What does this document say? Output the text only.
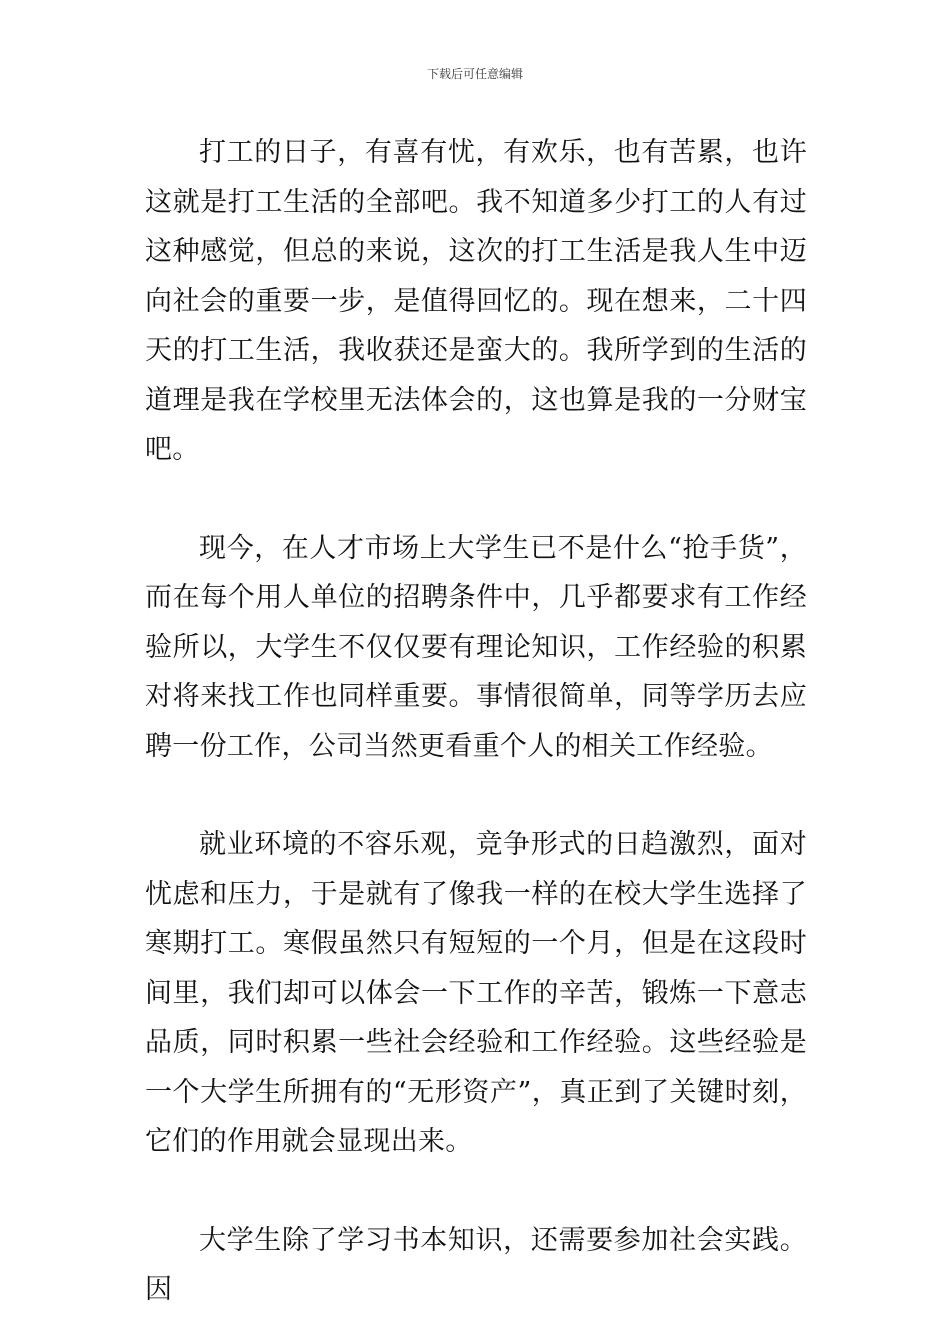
下载后可任意编辑

打工的日子，有喜有忧，有欢乐，也有苦累，也许这就是打工生活的全部吧。我不知道多少打工的人有过这种感觉，但总的来说，这次的打工生活是我人生中迈向社会的重要一步，是值得回忆的。现在想来，二十四天的打工生活，我收获还是蛮大的。我所学到的生活的道理是我在学校里无法体会的，这也算是我的一分财宝吧。

现今，在人才市场上大学生已不是什么“抢手货”，而在每个用人单位的招聘条件中，几乎都要求有工作经验所以，大学生不仅仅要有理论知识，工作经验的积累对将来找工作也同样重要。事情很简单，同等学历去应聘一份工作，公司当然更看重个人的相关工作经验。

就业环境的不容乐观，竞争形式的日趋激烈，面对忧虑和压力，于是就有了像我一样的在校大学生选择了寒期打工。寒假虽然只有短短的一个月，但是在这段时间里，我们却可以体会一下工作的辛苦，锻炼一下意志品质，同时积累一些社会经验和工作经验。这些经验是一个大学生所拥有的“无形资产”，真正到了关键时刻，它们的作用就会显现出来。

大学生除了学习书本知识，还需要参加社会实践。因
